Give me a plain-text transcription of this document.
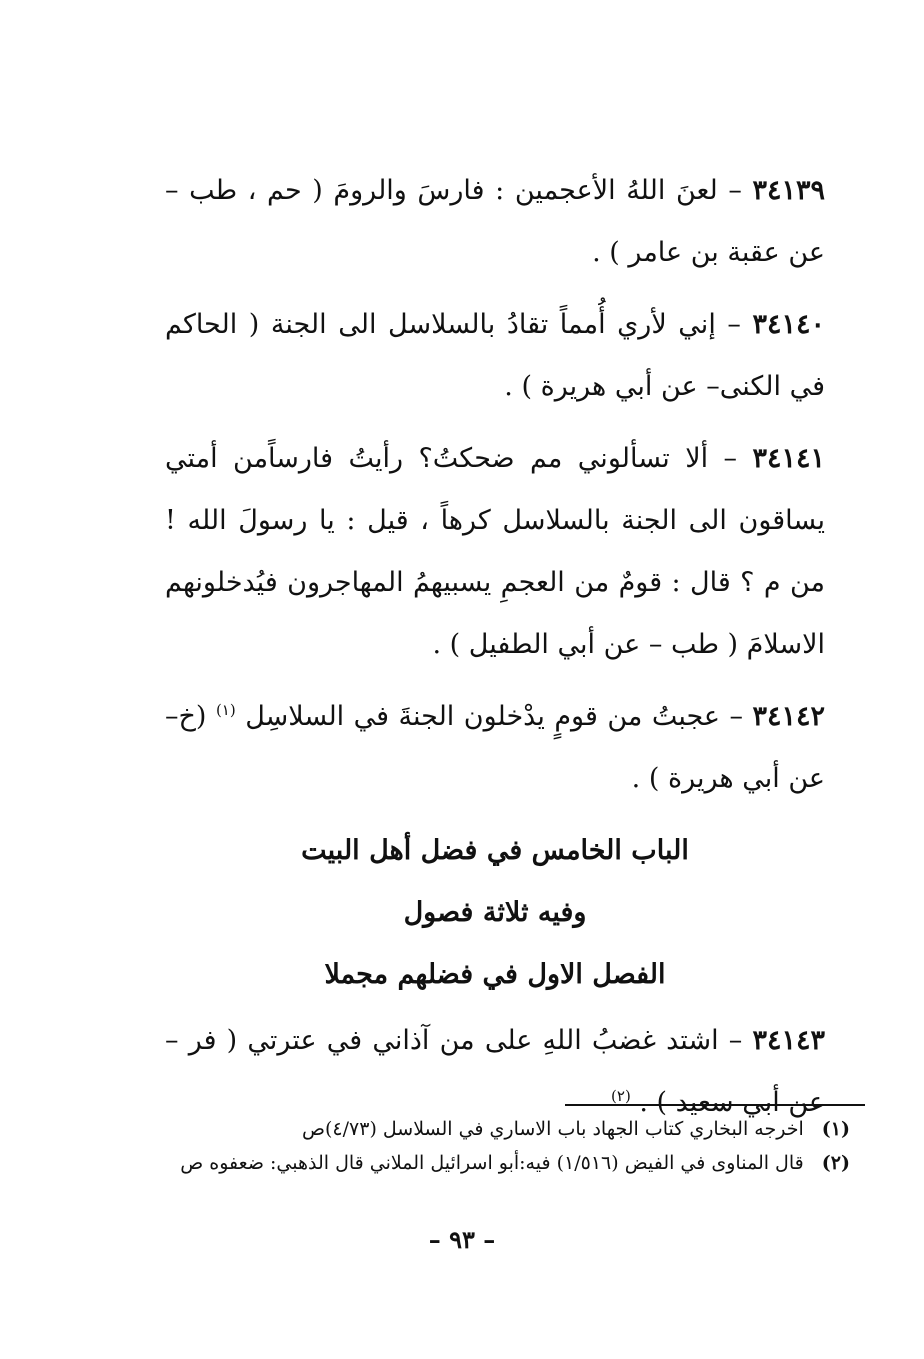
٣٤١٣٩ – لعنَ اللهُ الأعجمين : فارسَ والرومَ ( حم ، طب – عن عقبة بن عامر ) .

٣٤١٤٠ – إني لأري أُمماً تقادُ بالسلاسل الى الجنة ( الحاكم في الكنى– عن أبي هريرة ) .

٣٤١٤١ – ألا تسألوني مم ضحكتُ؟ رأيتُ فارساًمن أمتي يساقون الى الجنة بالسلاسل كرهاً ، قيل : يا رسولَ الله ! من م ؟ قال : قومٌ من العجمِ يسبيهمُ المهاجرون فيُدخلونهم الاسلامَ ( طب – عن أبي الطفيل ) .

٣٤١٤٢ – عجبتُ من قومٍ يدْخلون الجنةَ في السلاسِل $^{(١)}$ (خ– عن أبي هريرة ) .

الباب الخامس في فضل أهل البيت
وفيه ثلاثة فصول
الفصل الاول في فضلهم مجملا

٣٤١٤٣ – اشتد غضبُ اللهِ على من آذاني في عترتي ( فر – عن أبي سعيد ) . $^{(٢)}$

(١) اخرجه البخاري كتاب الجهاد باب الاساري في السلاسل (٤/٧٣)ص
(٢) قال المناوى في الفيض (١/٥١٦) فيه:أبو اسرائيل الملاني قال الذهبي: ضعفوه ص
– ٩٣ –
